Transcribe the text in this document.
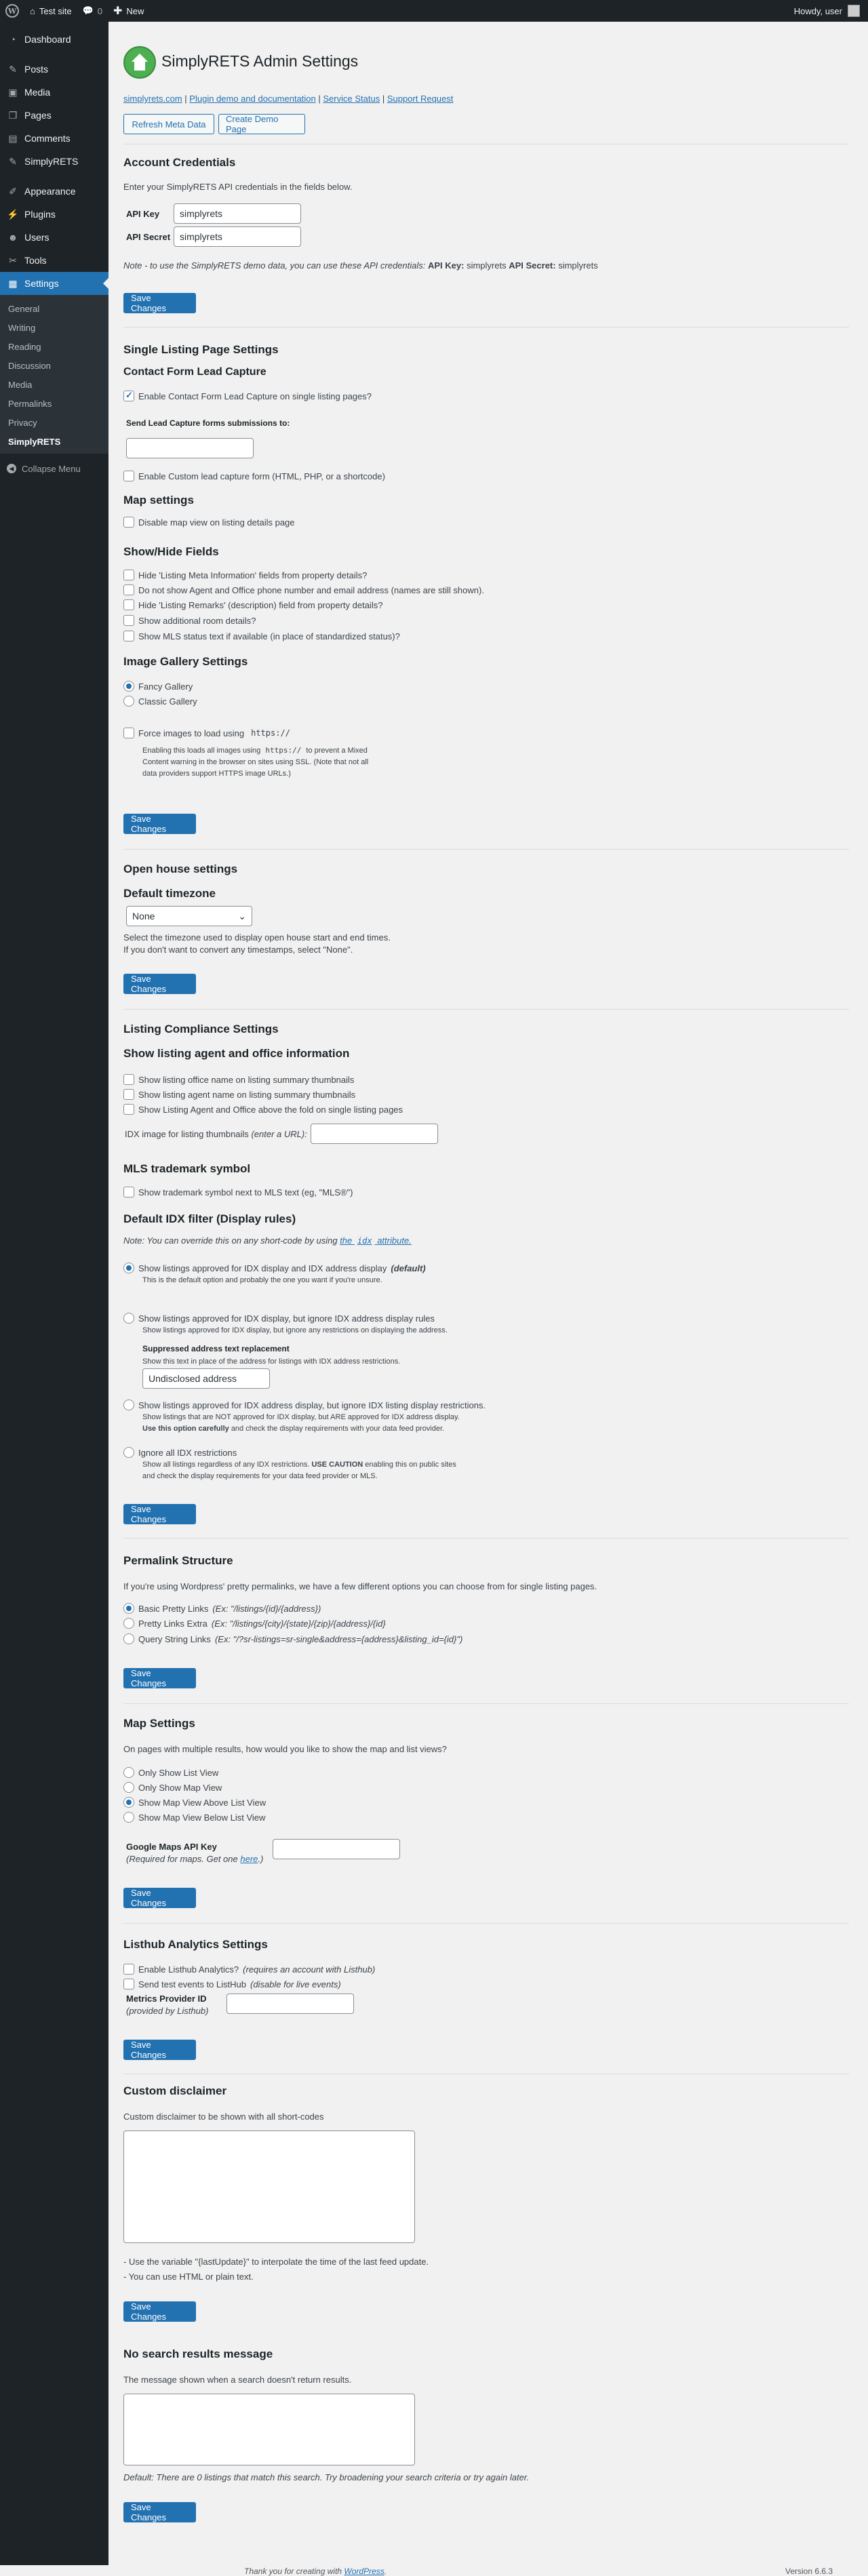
W ⌂ Test site 💬 0 ✚ New	Howdy, user
◔ Dashboard
✎ Posts
▣ Media
❐ Pages
▤ Comments
✎ SimplyRETS
✐ Appearance
⚡ Plugins
☻ Users
✂ Tools
▦ Settings
General
Writing
Reading
Discussion
Media
Permalinks
Privacy
SimplyRETS
◀ Collapse Menu
SimplyRETS Admin Settings
simplyrets.com | Plugin demo and documentation | Service Status | Support Request
Refresh Meta Data	Create Demo Page
Account Credentials
Enter your SimplyRETS API credentials in the fields below.
API Key	simplyrets
API Secret simplyrets
Note - to use the SimplyRETS demo data, you can use these API credentials: API Key: simplyrets API Secret: simplyrets
Save Changes
Single Listing Page Settings
Contact Form Lead Capture
✓
Enable Contact Form Lead Capture on single listing pages?
Send Lead Capture forms submissions to:
Enable Custom lead capture form (HTML, PHP, or a shortcode)
Map settings
Disable map view on listing details page
Show/Hide Fields
Hide 'Listing Meta Information' fields from property details?
Do not show Agent and Office phone number and email address (names are still shown).
Hide 'Listing Remarks' (description) field from property details?
Show additional room details?
Show MLS status text if available (in place of standardized status)?
Image Gallery Settings
Fancy Gallery
Classic Gallery
Force images to load using https://
Enabling this loads all images using https:// to prevent a Mixed
Content warning in the browser on sites using SSL. (Note that not all
data providers support HTTPS image URLs.)
Save Changes
Open house settings
Default timezone
None	⌄
Select the timezone used to display open house start and end times.
If you don't want to convert any timestamps, select "None".
Save Changes
Listing Compliance Settings
Show listing agent and office information
Show listing office name on listing summary thumbnails
Show listing agent name on listing summary thumbnails
Show Listing Agent and Office above the fold on single listing pages
IDX image for listing thumbnails (enter a URL):
MLS trademark symbol
Show trademark symbol next to MLS text (eg, "MLS®")
Default IDX filter (Display rules)
Note: You can override this on any short-code by using the idx attribute.
Show listings approved for IDX display and IDX address display (default)
This is the default option and probably the one you want if you're unsure.
Show listings approved for IDX display, but ignore IDX address display rules
Show listings approved for IDX display, but ignore any restrictions on displaying the address.
Suppressed address text replacement
Show this text in place of the address for listings with IDX address restrictions.
Undisclosed address
Show listings approved for IDX address display, but ignore IDX listing display restrictions.
Show listings that are NOT approved for IDX display, but ARE approved for IDX address display.
Use this option carefully and check the display requirements with your data feed provider.
Ignore all IDX restrictions
Show all listings regardless of any IDX restrictions. USE CAUTION enabling this on public sites
and check the display requirements for your data feed provider or MLS.
Save Changes
Permalink Structure
If you're using Wordpress' pretty permalinks, we have a few different options you can choose from for single listing pages.
Basic Pretty Links (Ex: "/listings/{id}/{address})
Pretty Links Extra (Ex: "/listings/{city}/{state}/{zip}/{address}/{id}
Query String Links (Ex: "/?sr-listings=sr-single&address={address}&listing_id={id}")
Save Changes
Map Settings
On pages with multiple results, how would you like to show the map and list views?
Only Show List View
Only Show Map View
Show Map View Above List View
Show Map View Below List View
Google Maps API Key
(Required for maps. Get one here.)
Save Changes
Listhub Analytics Settings
Enable Listhub Analytics? (requires an account with Listhub)
Send test events to ListHub (disable for live events)
Metrics Provider ID
(provided by Listhub)
Save Changes
Custom disclaimer
Custom disclaimer to be shown with all short-codes
- Use the variable "{lastUpdate}" to interpolate the time of the last feed update.
- You can use HTML or plain text.
Save Changes
No search results message
The message shown when a search doesn't return results.
Default: There are 0 listings that match this search. Try broadening your search criteria or try again later.
Save Changes
Thank you for creating with WordPress.	Version 6.6.3
